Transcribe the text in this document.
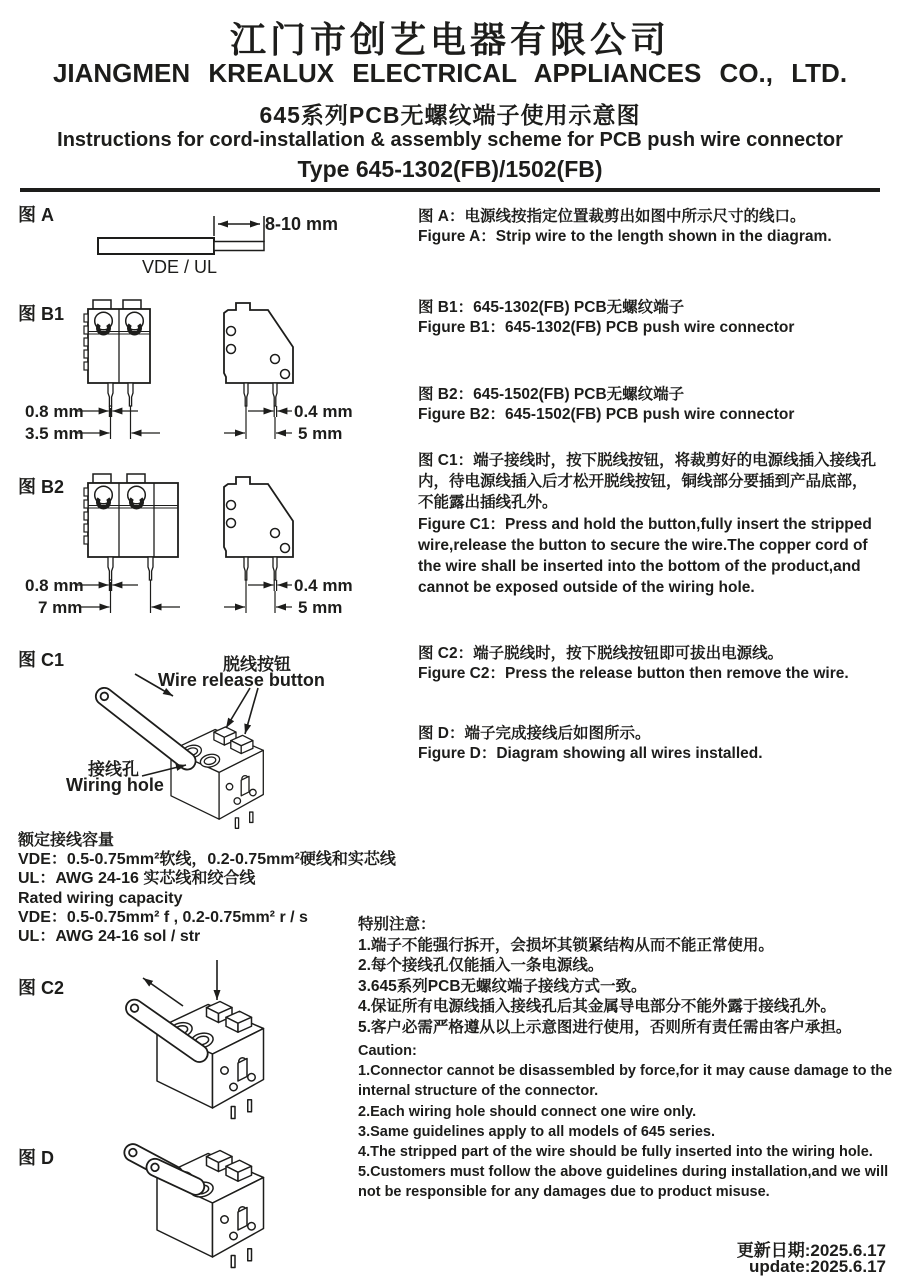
江门市创艺电器有限公司
JIANGMEN KREALUX ELECTRICAL APPLIANCES CO., LTD.
645系列PCB无螺纹端子使用示意图
Instructions for cord-installation & assembly scheme for PCB push wire connector
Type 645-1302(FB)/1502(FB)
图 A	8-10 mm
VDE / UL
图 B1
0.8 mm
3.5 mm
0.4 mm
5 mm
图 B2
0.8 mm
7 mm
0.4 mm
5 mm
图 C1	脱线按钮
Wire release button
接线孔
Wiring hole
额定接线容量
VDE：0.5-0.75mm²软线，0.2-0.75mm²硬线和实芯线
UL：AWG 24-16 实芯线和绞合线
Rated wiring capacity
VDE：0.5-0.75mm² f , 0.2-0.75mm² r / s
UL：AWG 24-16 sol / str
图 C2
图 D
图 A：电源线按指定位置裁剪出如图中所示尺寸的线口。
Figure A：Strip wire to the length shown in the diagram.
图 B1：645-1302(FB) PCB无螺纹端子
Figure B1：645-1302(FB) PCB push wire connector
图 B2：645-1502(FB) PCB无螺纹端子
Figure B2：645-1502(FB) PCB push wire connector
图 C1：端子接线时，按下脱线按钮，将裁剪好的电源线插入接线孔内，待电源线插入后才松开脱线按钮，铜线部分要插到产品底部，不能露出插线孔外。
Figure C1：Press and hold the button,fully insert the stripped wire,release the button to secure the wire.The copper cord of the wire shall be inserted into the bottom of the product,and cannot be exposed outside of the wiring hole.
图 C2：端子脱线时，按下脱线按钮即可拔出电源线。
Figure C2：Press the release button then remove the wire.
图 D：端子完成接线后如图所示。
Figure D：Diagram showing all wires installed.
特别注意：
1.端子不能强行拆开，会损坏其锁紧结构从而不能正常使用。
2.每个接线孔仅能插入一条电源线。
3.645系列PCB无螺纹端子接线方式一致。
4.保证所有电源线插入接线孔后其金属导电部分不能外露于接线孔外。
5.客户必需严格遵从以上示意图进行使用，否则所有责任需由客户承担。
Caution:
1.Connector cannot be disassembled by force,for it may cause damage to the internal structure of the connector.
2.Each wiring hole should connect one wire only.
3.Same guidelines apply to all models of 645 series.
4.The stripped part of the wire should be fully inserted into the wiring hole.
5.Customers must follow the above guidelines during installation,and we will not be responsible for any damages due to product misuse.
更新日期:2025.6.17
update:2025.6.17
